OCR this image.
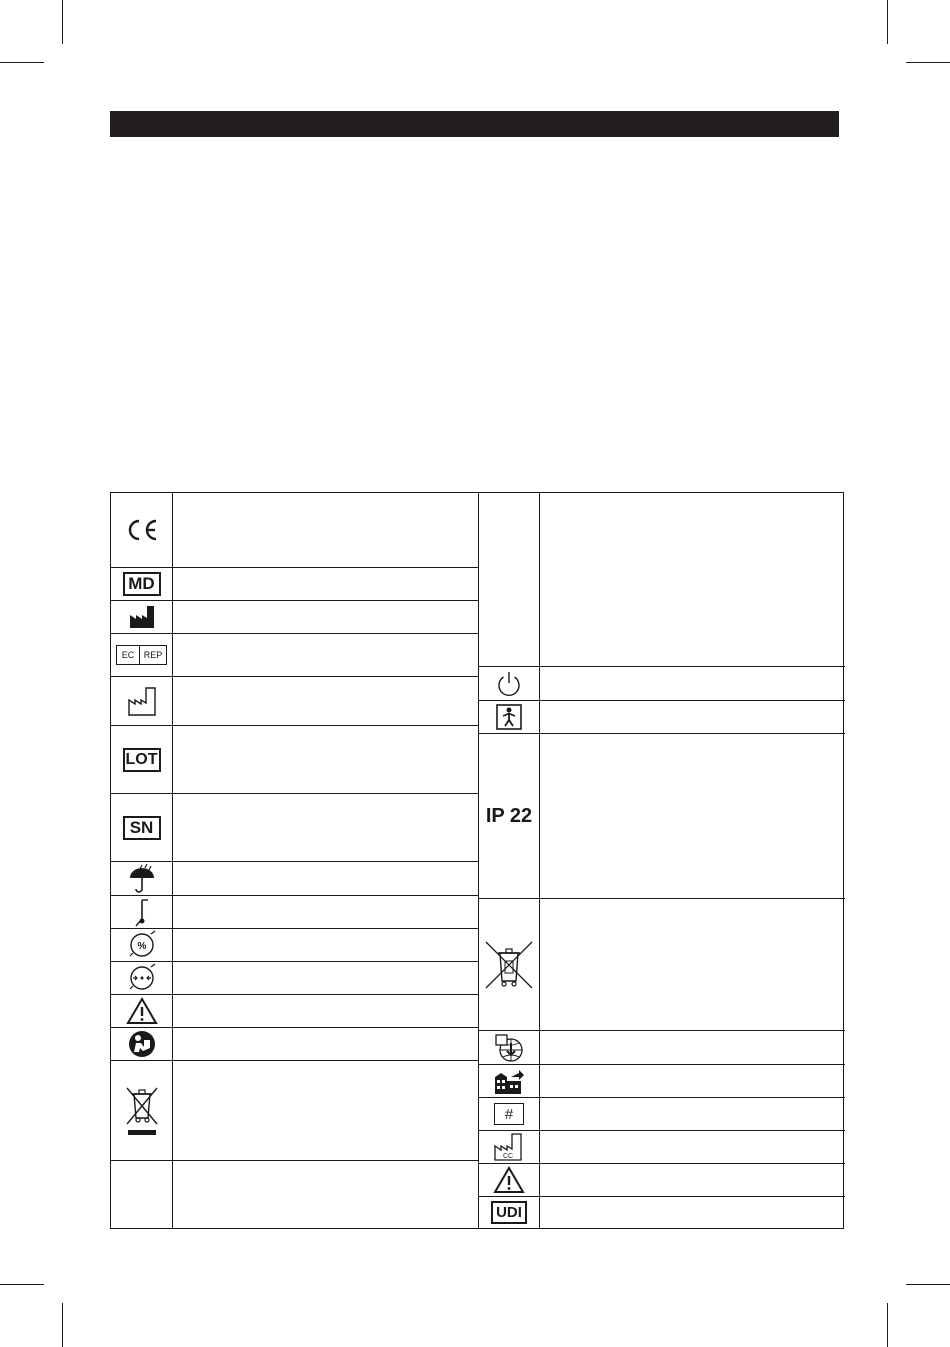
MD
EC	REP
LOT
SN
%
IP 22
#
CC
UDI
